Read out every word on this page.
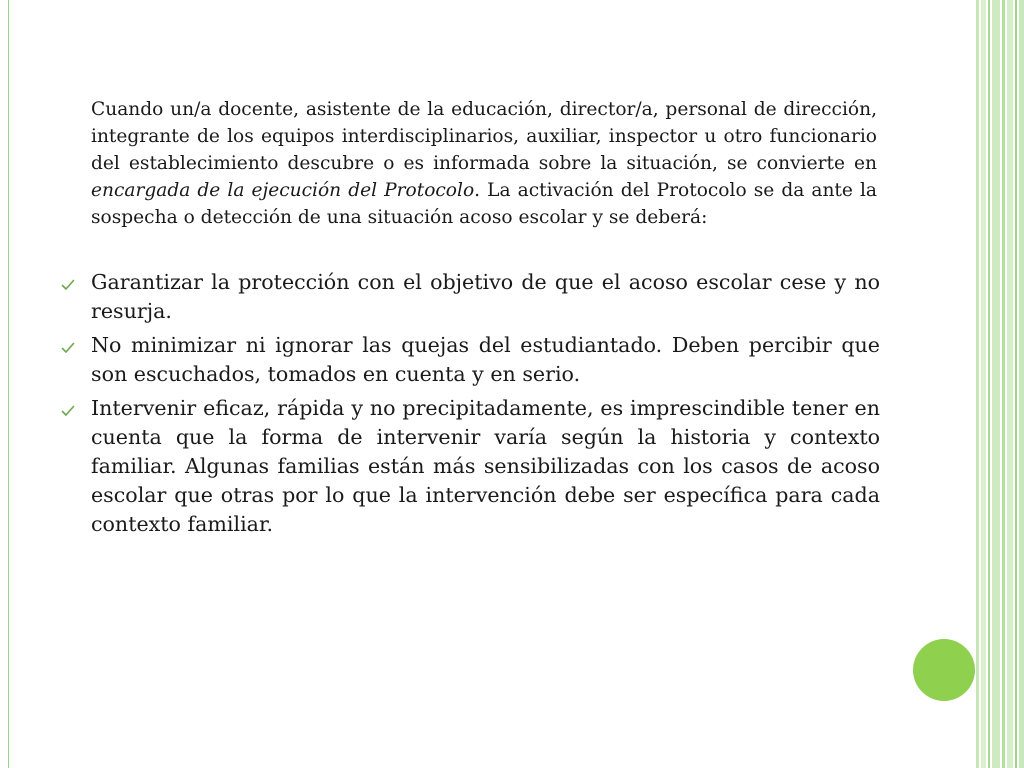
Cuando un/a docente, asistente de la educación, director/a, personal de dirección, integrante de los equipos interdisciplinarios, auxiliar, inspector u otro funcionario del establecimiento descubre o es informada sobre la situación, se convierte en encargada de la ejecución del Protocolo. La activación del Protocolo se da ante la sospecha o detección de una situación acoso escolar y se deberá:

Garantizar la protección con el objetivo de que el acoso escolar cese y no resurja.
No minimizar ni ignorar las quejas del estudiantado. Deben percibir que son escuchados, tomados en cuenta y en serio.
Intervenir eficaz, rápida y no precipitadamente, es imprescindible tener en cuenta que la forma de intervenir varía según la historia y contexto familiar. Algunas familias están más sensibilizadas con los casos de acoso escolar que otras por lo que la intervención debe ser específica para cada contexto familiar.
